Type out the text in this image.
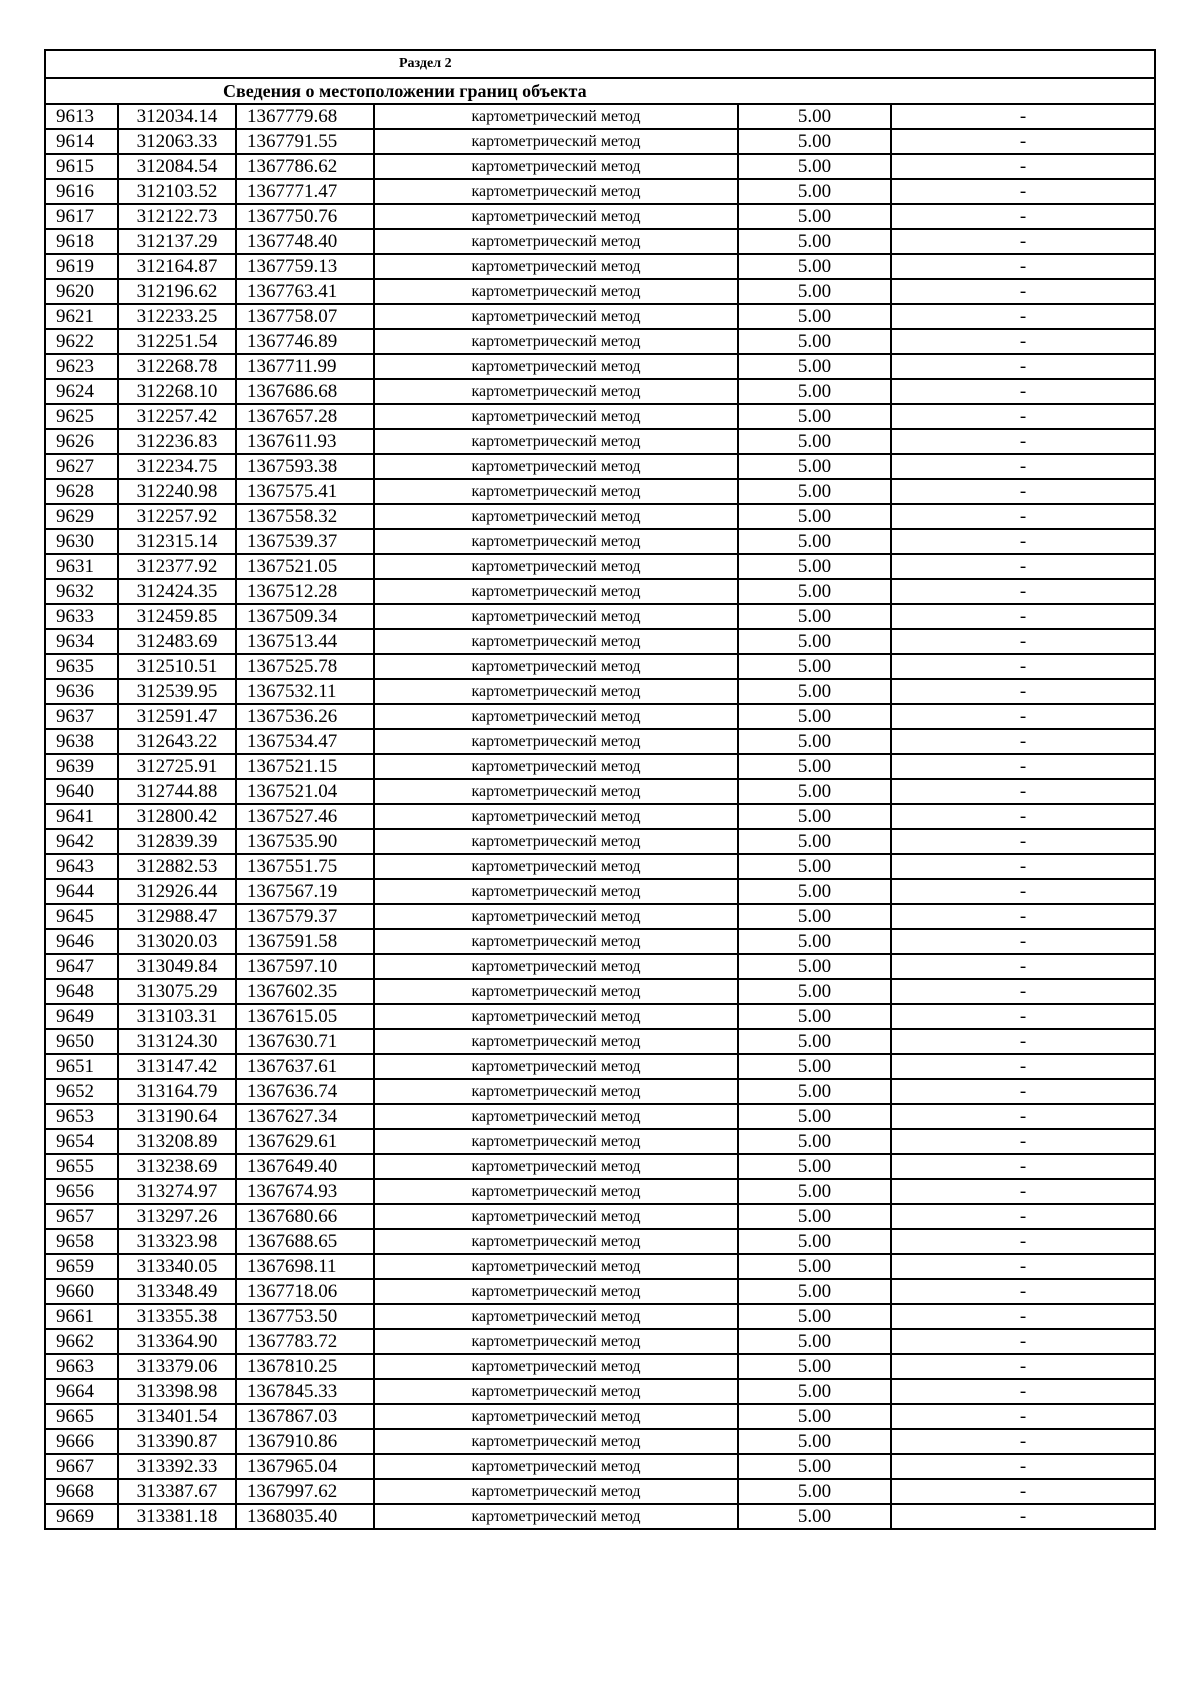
Раздел 2					
Сведения о местоположении границ объекта					
9613	312034.14	1367779.68	картометрический метод	5.00	-
9614	312063.33	1367791.55	картометрический метод	5.00	-
9615	312084.54	1367786.62	картометрический метод	5.00	-
9616	312103.52	1367771.47	картометрический метод	5.00	-
9617	312122.73	1367750.76	картометрический метод	5.00	-
9618	312137.29	1367748.40	картометрический метод	5.00	-
9619	312164.87	1367759.13	картометрический метод	5.00	-
9620	312196.62	1367763.41	картометрический метод	5.00	-
9621	312233.25	1367758.07	картометрический метод	5.00	-
9622	312251.54	1367746.89	картометрический метод	5.00	-
9623	312268.78	1367711.99	картометрический метод	5.00	-
9624	312268.10	1367686.68	картометрический метод	5.00	-
9625	312257.42	1367657.28	картометрический метод	5.00	-
9626	312236.83	1367611.93	картометрический метод	5.00	-
9627	312234.75	1367593.38	картометрический метод	5.00	-
9628	312240.98	1367575.41	картометрический метод	5.00	-
9629	312257.92	1367558.32	картометрический метод	5.00	-
9630	312315.14	1367539.37	картометрический метод	5.00	-
9631	312377.92	1367521.05	картометрический метод	5.00	-
9632	312424.35	1367512.28	картометрический метод	5.00	-
9633	312459.85	1367509.34	картометрический метод	5.00	-
9634	312483.69	1367513.44	картометрический метод	5.00	-
9635	312510.51	1367525.78	картометрический метод	5.00	-
9636	312539.95	1367532.11	картометрический метод	5.00	-
9637	312591.47	1367536.26	картометрический метод	5.00	-
9638	312643.22	1367534.47	картометрический метод	5.00	-
9639	312725.91	1367521.15	картометрический метод	5.00	-
9640	312744.88	1367521.04	картометрический метод	5.00	-
9641	312800.42	1367527.46	картометрический метод	5.00	-
9642	312839.39	1367535.90	картометрический метод	5.00	-
9643	312882.53	1367551.75	картометрический метод	5.00	-
9644	312926.44	1367567.19	картометрический метод	5.00	-
9645	312988.47	1367579.37	картометрический метод	5.00	-
9646	313020.03	1367591.58	картометрический метод	5.00	-
9647	313049.84	1367597.10	картометрический метод	5.00	-
9648	313075.29	1367602.35	картометрический метод	5.00	-
9649	313103.31	1367615.05	картометрический метод	5.00	-
9650	313124.30	1367630.71	картометрический метод	5.00	-
9651	313147.42	1367637.61	картометрический метод	5.00	-
9652	313164.79	1367636.74	картометрический метод	5.00	-
9653	313190.64	1367627.34	картометрический метод	5.00	-
9654	313208.89	1367629.61	картометрический метод	5.00	-
9655	313238.69	1367649.40	картометрический метод	5.00	-
9656	313274.97	1367674.93	картометрический метод	5.00	-
9657	313297.26	1367680.66	картометрический метод	5.00	-
9658	313323.98	1367688.65	картометрический метод	5.00	-
9659	313340.05	1367698.11	картометрический метод	5.00	-
9660	313348.49	1367718.06	картометрический метод	5.00	-
9661	313355.38	1367753.50	картометрический метод	5.00	-
9662	313364.90	1367783.72	картометрический метод	5.00	-
9663	313379.06	1367810.25	картометрический метод	5.00	-
9664	313398.98	1367845.33	картометрический метод	5.00	-
9665	313401.54	1367867.03	картометрический метод	5.00	-
9666	313390.87	1367910.86	картометрический метод	5.00	-
9667	313392.33	1367965.04	картометрический метод	5.00	-
9668	313387.67	1367997.62	картометрический метод	5.00	-
9669	313381.18	1368035.40	картометрический метод	5.00	-
